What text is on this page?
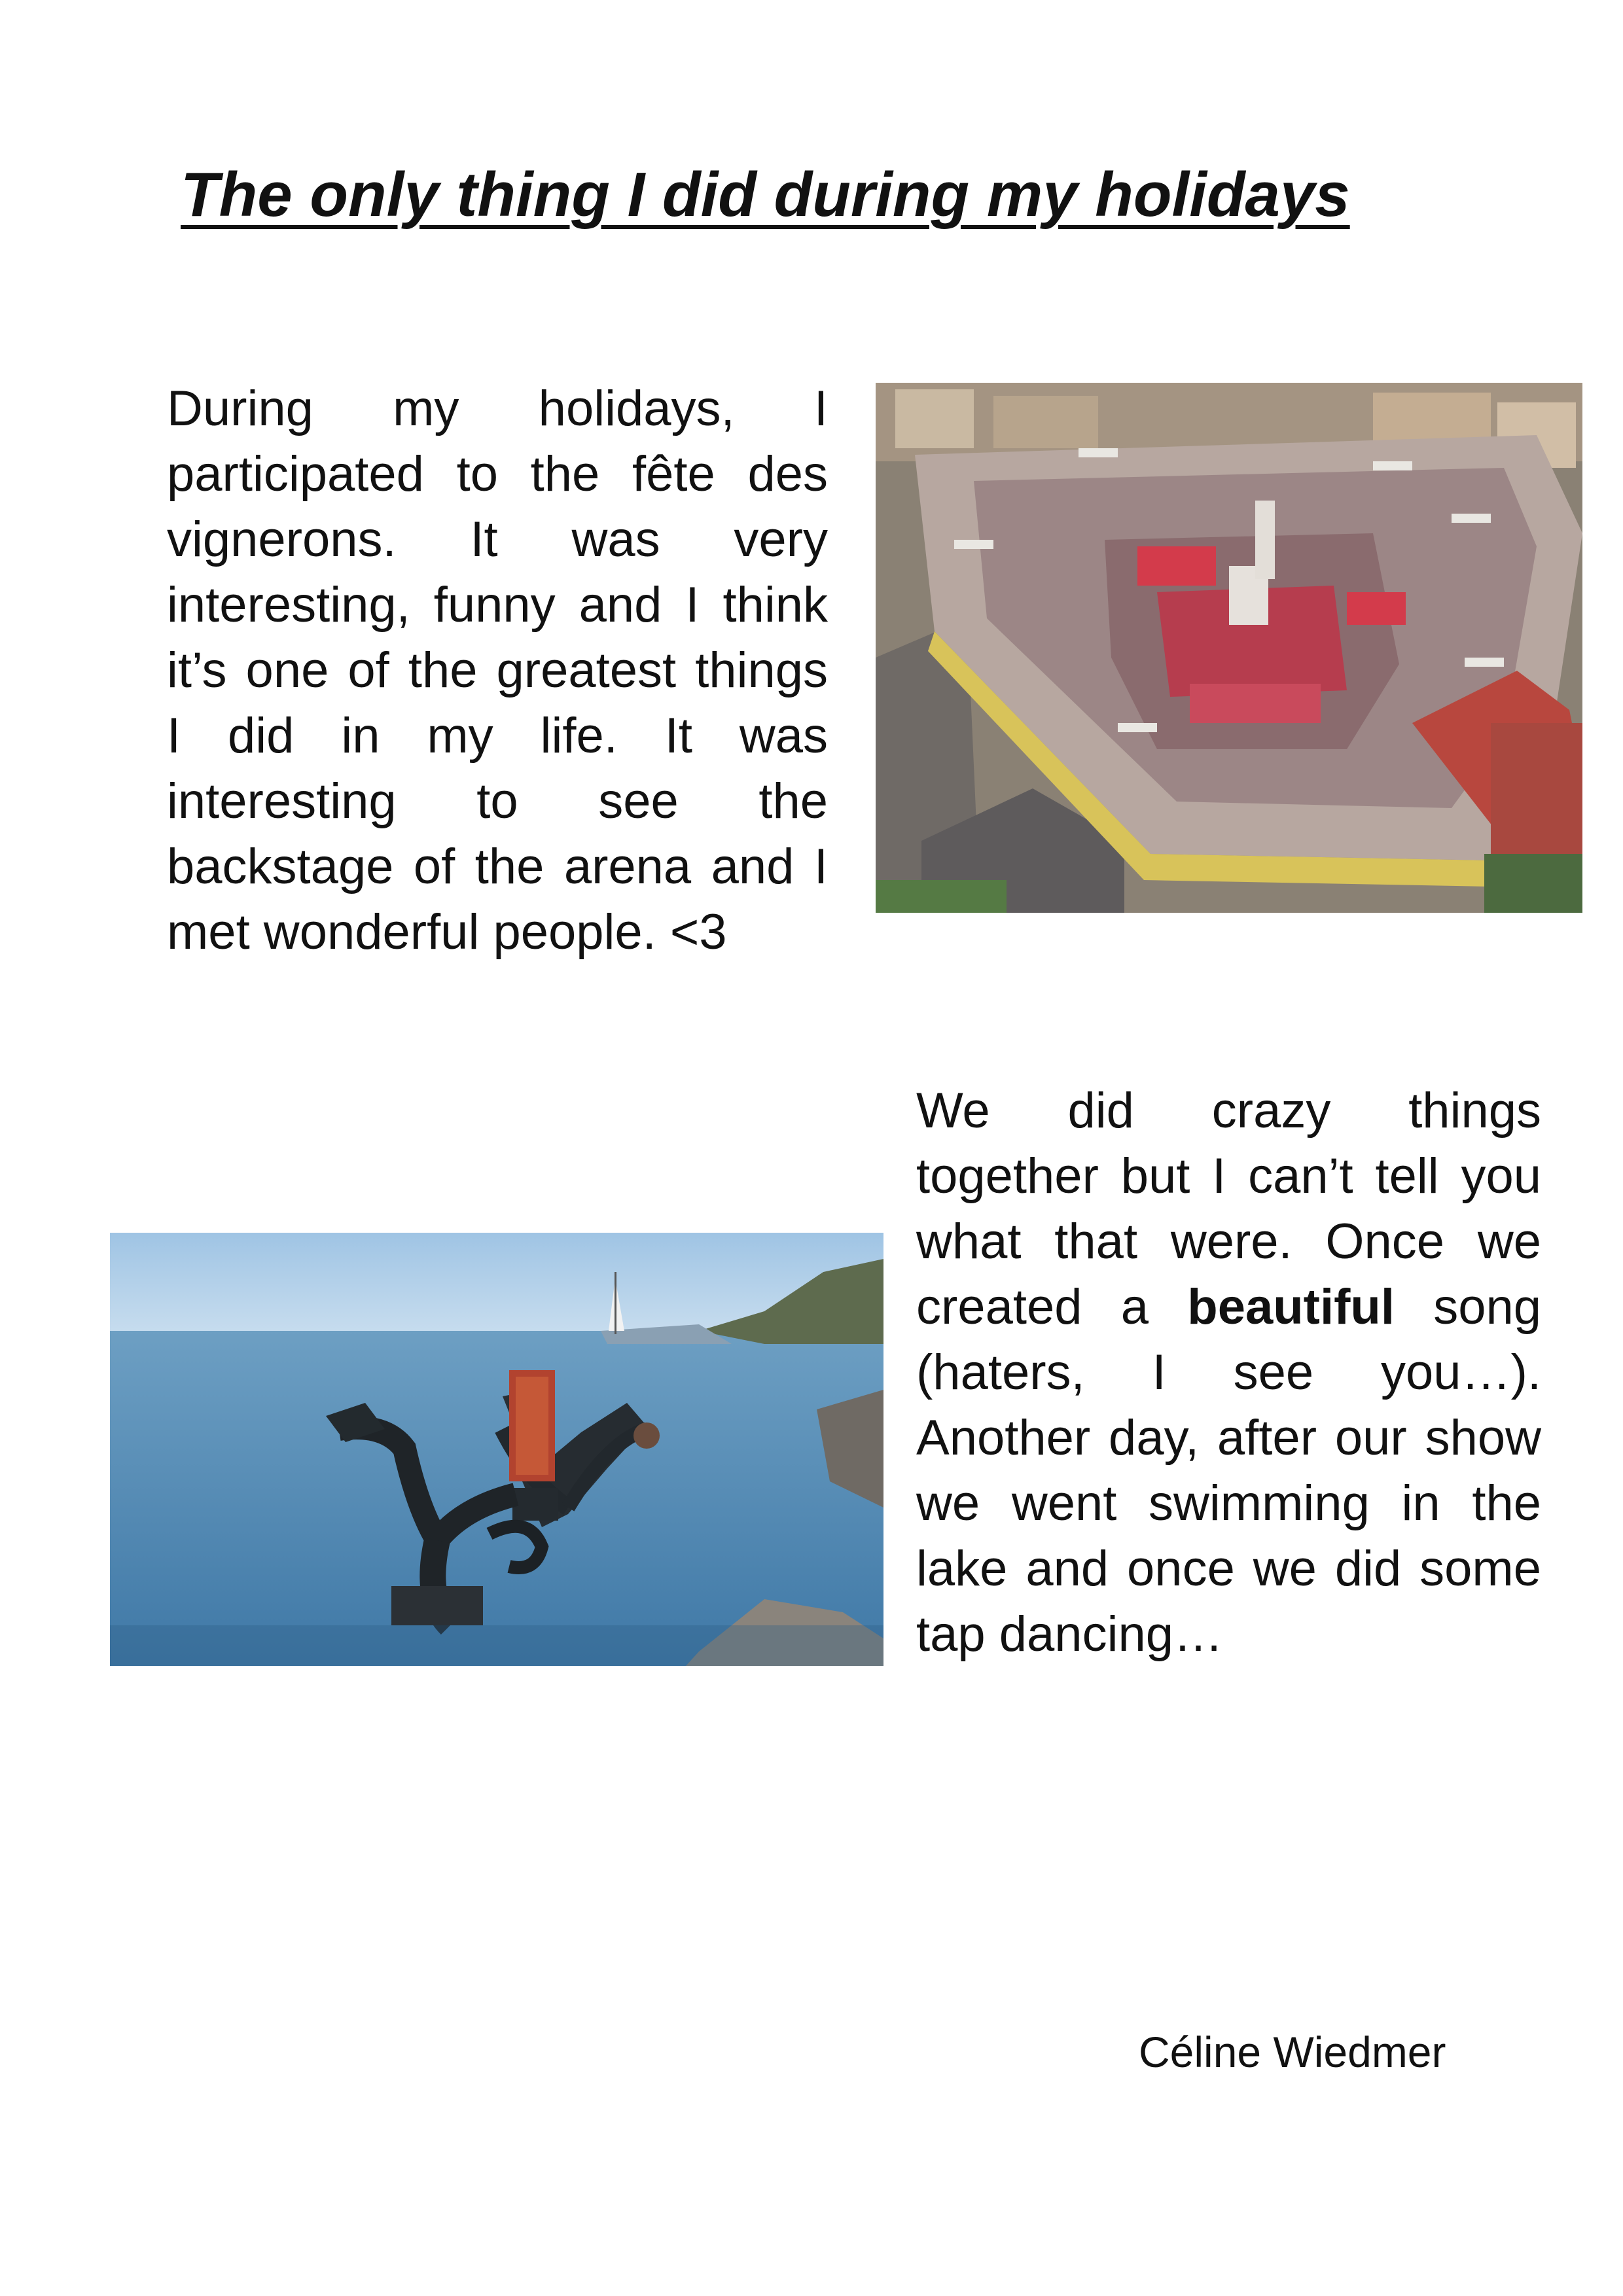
The only thing I did during my holidays

During my holidays, I participated to the fête des vignerons. It was very interesting, funny and I think it’s one of the greatest things I did in my life. It was interesting to see the backstage of the arena and I met wonderful people. <3

We did crazy things together but I can’t tell you what that were. Once we created a beautiful song (haters, I see you…). Another day, after our show we went swimming in the lake and once we did some tap dancing…

Céline Wiedmer
